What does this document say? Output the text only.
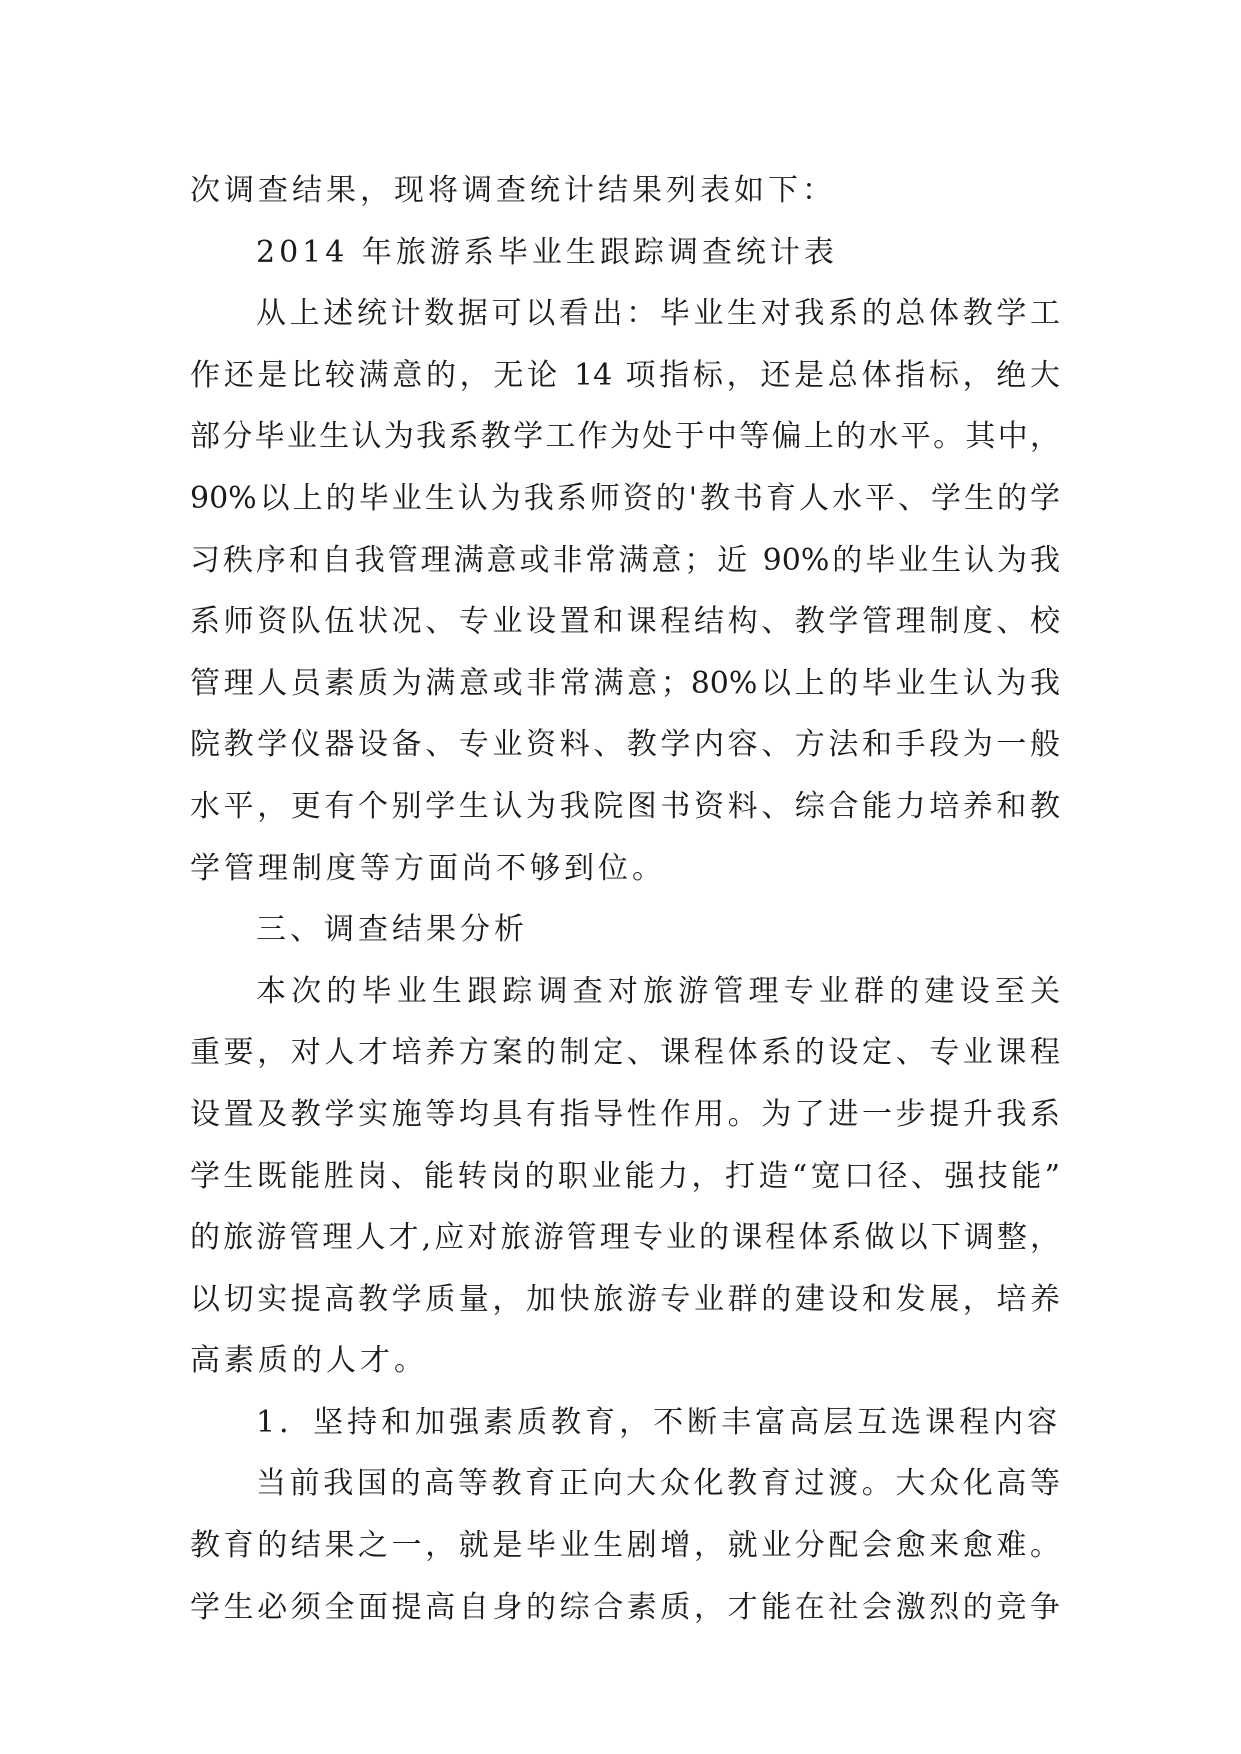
次调查结果，现将调查统计结果列表如下：
2014 年旅游系毕业生跟踪调查统计表
从上述统计数据可以看出：毕业生对我系的总体教学工
作还是比较满意的，无论 14 项指标，还是总体指标，绝大
部分毕业生认为我系教学工作为处于中等偏上的水平。其中，
90%以上的毕业生认为我系师资的'教书育人水平、学生的学
习秩序和自我管理满意或非常满意；近 90%的毕业生认为我
系师资队伍状况、专业设置和课程结构、教学管理制度、校
管理人员素质为满意或非常满意；80%以上的毕业生认为我
院教学仪器设备、专业资料、教学内容、方法和手段为一般
水平，更有个别学生认为我院图书资料、综合能力培养和教
学管理制度等方面尚不够到位。
三、调查结果分析
本次的毕业生跟踪调查对旅游管理专业群的建设至关
重要，对人才培养方案的制定、课程体系的设定、专业课程
设置及教学实施等均具有指导性作用。为了进一步提升我系
学生既能胜岗、能转岗的职业能力，打造“宽口径、强技能”
的旅游管理人才,应对旅游管理专业的课程体系做以下调整，
以切实提高教学质量，加快旅游专业群的建设和发展，培养
高素质的人才。
1．坚持和加强素质教育，不断丰富高层互选课程内容
当前我国的高等教育正向大众化教育过渡。大众化高等
教育的结果之一，就是毕业生剧增，就业分配会愈来愈难。
学生必须全面提高自身的综合素质，才能在社会激烈的竞争
